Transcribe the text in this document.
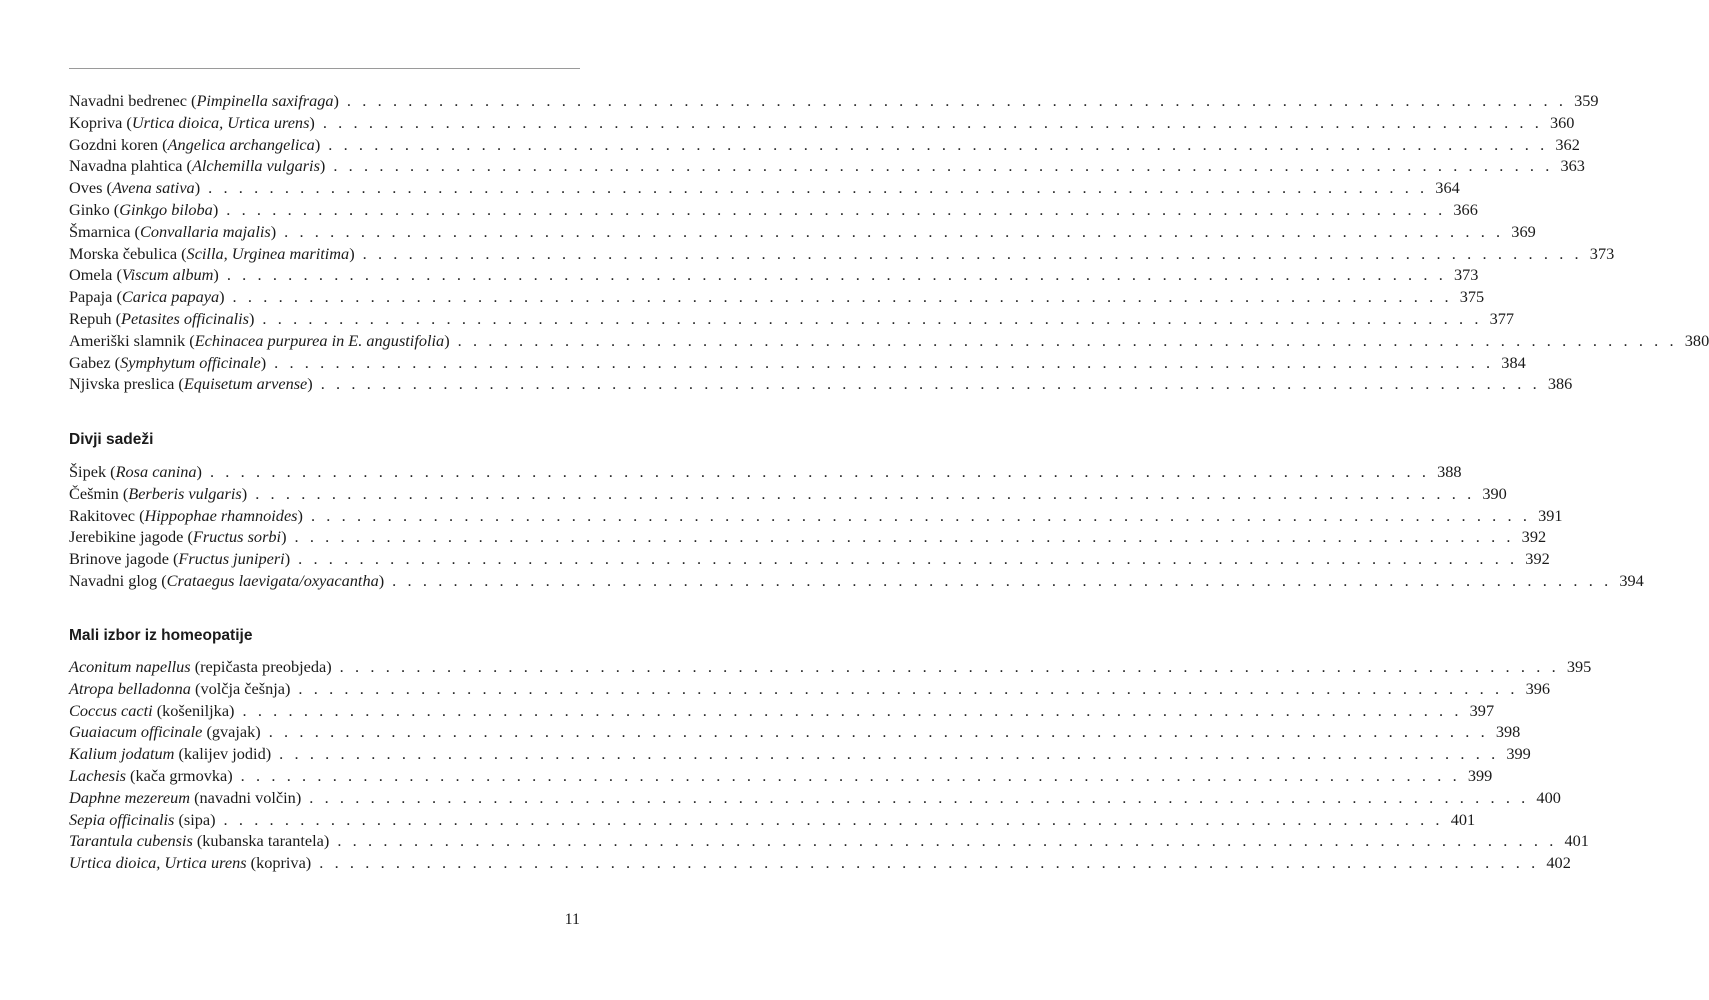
Navadni bedrenec (Pimpinella saxifraga) . . . . . . . . . . . . . . . . . . . . . . . . . . . . . . . . . . . . . . . . . . . . . . . . . . . . . . . . . . . . . . . . . . . . . . . . . . . . . . . . 359
Kopriva (Urtica dioica, Urtica urens) . . . . . . . . . . . . . . . . . . . . . . . . . . . . . . . . . . . . . . . . . . . . . . . . . . . . . . . . . . . . . . . . . . . . . . . . . . . . . . . . 360
Gozdni koren (Angelica archangelica) . . . . . . . . . . . . . . . . . . . . . . . . . . . . . . . . . . . . . . . . . . . . . . . . . . . . . . . . . . . . . . . . . . . . . . . . . . . . . . . . 362
Navadna plahtica (Alchemilla vulgaris) . . . . . . . . . . . . . . . . . . . . . . . . . . . . . . . . . . . . . . . . . . . . . . . . . . . . . . . . . . . . . . . . . . . . . . . . . . . . . . . . 363
Oves (Avena sativa) . . . . . . . . . . . . . . . . . . . . . . . . . . . . . . . . . . . . . . . . . . . . . . . . . . . . . . . . . . . . . . . . . . . . . . . . . . . . . . . . 364
Ginko (Ginkgo biloba) . . . . . . . . . . . . . . . . . . . . . . . . . . . . . . . . . . . . . . . . . . . . . . . . . . . . . . . . . . . . . . . . . . . . . . . . . . . . . . . . 366
Šmarnica (Convallaria majalis) . . . . . . . . . . . . . . . . . . . . . . . . . . . . . . . . . . . . . . . . . . . . . . . . . . . . . . . . . . . . . . . . . . . . . . . . . . . . . . . . 369
Morska čebulica (Scilla, Urginea maritima) . . . . . . . . . . . . . . . . . . . . . . . . . . . . . . . . . . . . . . . . . . . . . . . . . . . . . . . . . . . . . . . . . . . . . . . . . . . . . . . . 373
Omela (Viscum album) . . . . . . . . . . . . . . . . . . . . . . . . . . . . . . . . . . . . . . . . . . . . . . . . . . . . . . . . . . . . . . . . . . . . . . . . . . . . . . . . 373
Papaja (Carica papaya) . . . . . . . . . . . . . . . . . . . . . . . . . . . . . . . . . . . . . . . . . . . . . . . . . . . . . . . . . . . . . . . . . . . . . . . . . . . . . . . . 375
Repuh (Petasites officinalis) . . . . . . . . . . . . . . . . . . . . . . . . . . . . . . . . . . . . . . . . . . . . . . . . . . . . . . . . . . . . . . . . . . . . . . . . . . . . . . . . 377
Ameriški slamnik (Echinacea purpurea in E. angustifolia) . . . . . . . . . . . . . . . . . . . . . . . . . . . . . . . . . . . . . . . . . . . . . . . . . . . . . . . . . . . . . . . . . . . . . . . . . . . . . . . . 380
Gabez (Symphytum officinale) . . . . . . . . . . . . . . . . . . . . . . . . . . . . . . . . . . . . . . . . . . . . . . . . . . . . . . . . . . . . . . . . . . . . . . . . . . . . . . . . 384
Njivska preslica (Equisetum arvense) . . . . . . . . . . . . . . . . . . . . . . . . . . . . . . . . . . . . . . . . . . . . . . . . . . . . . . . . . . . . . . . . . . . . . . . . . . . . . . . . 386
Divji sadeži
Šipek (Rosa canina) . . . . . . . . . . . . . . . . . . . . . . . . . . . . . . . . . . . . . . . . . . . . . . . . . . . . . . . . . . . . . . . . . . . . . . . . . . . . . . . . 388
Češmin (Berberis vulgaris) . . . . . . . . . . . . . . . . . . . . . . . . . . . . . . . . . . . . . . . . . . . . . . . . . . . . . . . . . . . . . . . . . . . . . . . . . . . . . . . . 390
Rakitovec (Hippophae rhamnoides) . . . . . . . . . . . . . . . . . . . . . . . . . . . . . . . . . . . . . . . . . . . . . . . . . . . . . . . . . . . . . . . . . . . . . . . . . . . . . . . . 391
Jerebikine jagode (Fructus sorbi) . . . . . . . . . . . . . . . . . . . . . . . . . . . . . . . . . . . . . . . . . . . . . . . . . . . . . . . . . . . . . . . . . . . . . . . . . . . . . . . . 392
Brinove jagode (Fructus juniperi) . . . . . . . . . . . . . . . . . . . . . . . . . . . . . . . . . . . . . . . . . . . . . . . . . . . . . . . . . . . . . . . . . . . . . . . . . . . . . . . . 392
Navadni glog (Crataegus laevigata/oxyacantha) . . . . . . . . . . . . . . . . . . . . . . . . . . . . . . . . . . . . . . . . . . . . . . . . . . . . . . . . . . . . . . . . . . . . . . . . . . . . . . . . 394
Mali izbor iz homeopatije
Aconitum napellus (repičasta preobjeda) . . . . . . . . . . . . . . . . . . . . . . . . . . . . . . . . . . . . . . . . . . . . . . . . . . . . . . . . . . . . . . . . . . . . . . . . . . . . . . . . 395
Atropa belladonna (volčja češnja) . . . . . . . . . . . . . . . . . . . . . . . . . . . . . . . . . . . . . . . . . . . . . . . . . . . . . . . . . . . . . . . . . . . . . . . . . . . . . . . . 396
Coccus cacti (košeniljka) . . . . . . . . . . . . . . . . . . . . . . . . . . . . . . . . . . . . . . . . . . . . . . . . . . . . . . . . . . . . . . . . . . . . . . . . . . . . . . . . 397
Guaiacum officinale (gvajak) . . . . . . . . . . . . . . . . . . . . . . . . . . . . . . . . . . . . . . . . . . . . . . . . . . . . . . . . . . . . . . . . . . . . . . . . . . . . . . . . 398
Kalium jodatum (kalijev jodid) . . . . . . . . . . . . . . . . . . . . . . . . . . . . . . . . . . . . . . . . . . . . . . . . . . . . . . . . . . . . . . . . . . . . . . . . . . . . . . . . 399
Lachesis (kača grmovka) . . . . . . . . . . . . . . . . . . . . . . . . . . . . . . . . . . . . . . . . . . . . . . . . . . . . . . . . . . . . . . . . . . . . . . . . . . . . . . . . 399
Daphne mezereum (navadni volčin) . . . . . . . . . . . . . . . . . . . . . . . . . . . . . . . . . . . . . . . . . . . . . . . . . . . . . . . . . . . . . . . . . . . . . . . . . . . . . . . . 400
Sepia officinalis (sipa) . . . . . . . . . . . . . . . . . . . . . . . . . . . . . . . . . . . . . . . . . . . . . . . . . . . . . . . . . . . . . . . . . . . . . . . . . . . . . . . . 401
Tarantula cubensis (kubanska tarantela) . . . . . . . . . . . . . . . . . . . . . . . . . . . . . . . . . . . . . . . . . . . . . . . . . . . . . . . . . . . . . . . . . . . . . . . . . . . . . . . . 401
Urtica dioica, Urtica urens (kopriva) . . . . . . . . . . . . . . . . . . . . . . . . . . . . . . . . . . . . . . . . . . . . . . . . . . . . . . . . . . . . . . . . . . . . . . . . . . . . . . . . 402
11
